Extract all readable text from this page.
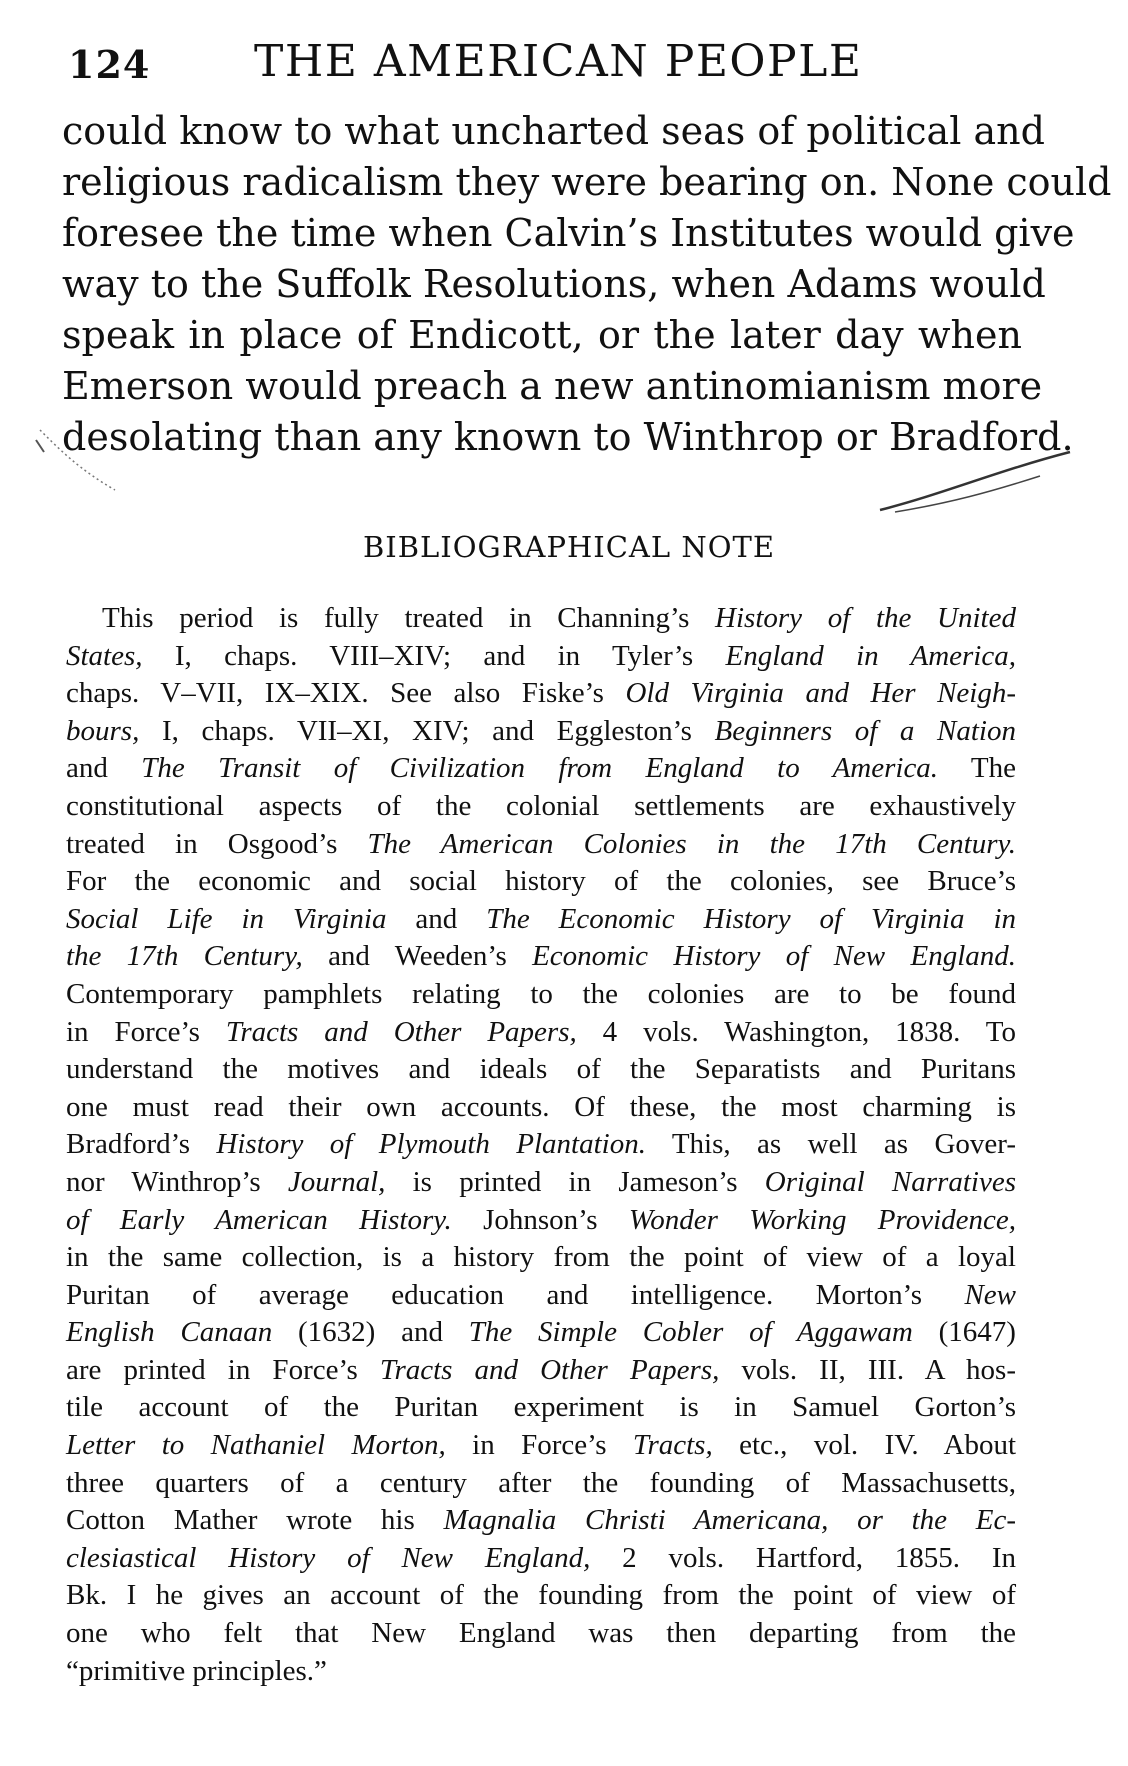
124 THE AMERICAN PEOPLE
could know to what uncharted seas of political and
religious radicalism they were bearing on. None could
foresee the time when Calvin’s Institutes would give
way to the Suffolk Resolutions, when Adams would
speak in place of Endicott, or the later day when
Emerson would preach a new antinomianism more
desolating than any known to Winthrop or Bradford.
BIBLIOGRAPHICAL NOTE
This period is fully treated in Channing’s History of the United
States, I, chaps. VIII–XIV; and in Tyler’s England in America,
chaps. V–VII, IX–XIX. See also Fiske’s Old Virginia and Her Neigh-
bours, I, chaps. VII–XI, XIV; and Eggleston’s Beginners of a Nation
and The Transit of Civilization from England to America. The
constitutional aspects of the colonial settlements are exhaustively
treated in Osgood’s The American Colonies in the 17th Century.
For the economic and social history of the colonies, see Bruce’s
Social Life in Virginia and The Economic History of Virginia in
the 17th Century, and Weeden’s Economic History of New England.
Contemporary pamphlets relating to the colonies are to be found
in Force’s Tracts and Other Papers, 4 vols. Washington, 1838. To
understand the motives and ideals of the Separatists and Puritans
one must read their own accounts. Of these, the most charming is
Bradford’s History of Plymouth Plantation. This, as well as Gover-
nor Winthrop’s Journal, is printed in Jameson’s Original Narratives
of Early American History. Johnson’s Wonder Working Providence,
in the same collection, is a history from the point of view of a loyal
Puritan of average education and intelligence. Morton’s New
English Canaan (1632) and The Simple Cobler of Aggawam (1647)
are printed in Force’s Tracts and Other Papers, vols. II, III. A hos-
tile account of the Puritan experiment is in Samuel Gorton’s
Letter to Nathaniel Morton, in Force’s Tracts, etc., vol. IV. About
three quarters of a century after the founding of Massachusetts,
Cotton Mather wrote his Magnalia Christi Americana, or the Ec-
clesiastical History of New England, 2 vols. Hartford, 1855. In
Bk. I he gives an account of the founding from the point of view of
one who felt that New England was then departing from the
“primitive principles.”
